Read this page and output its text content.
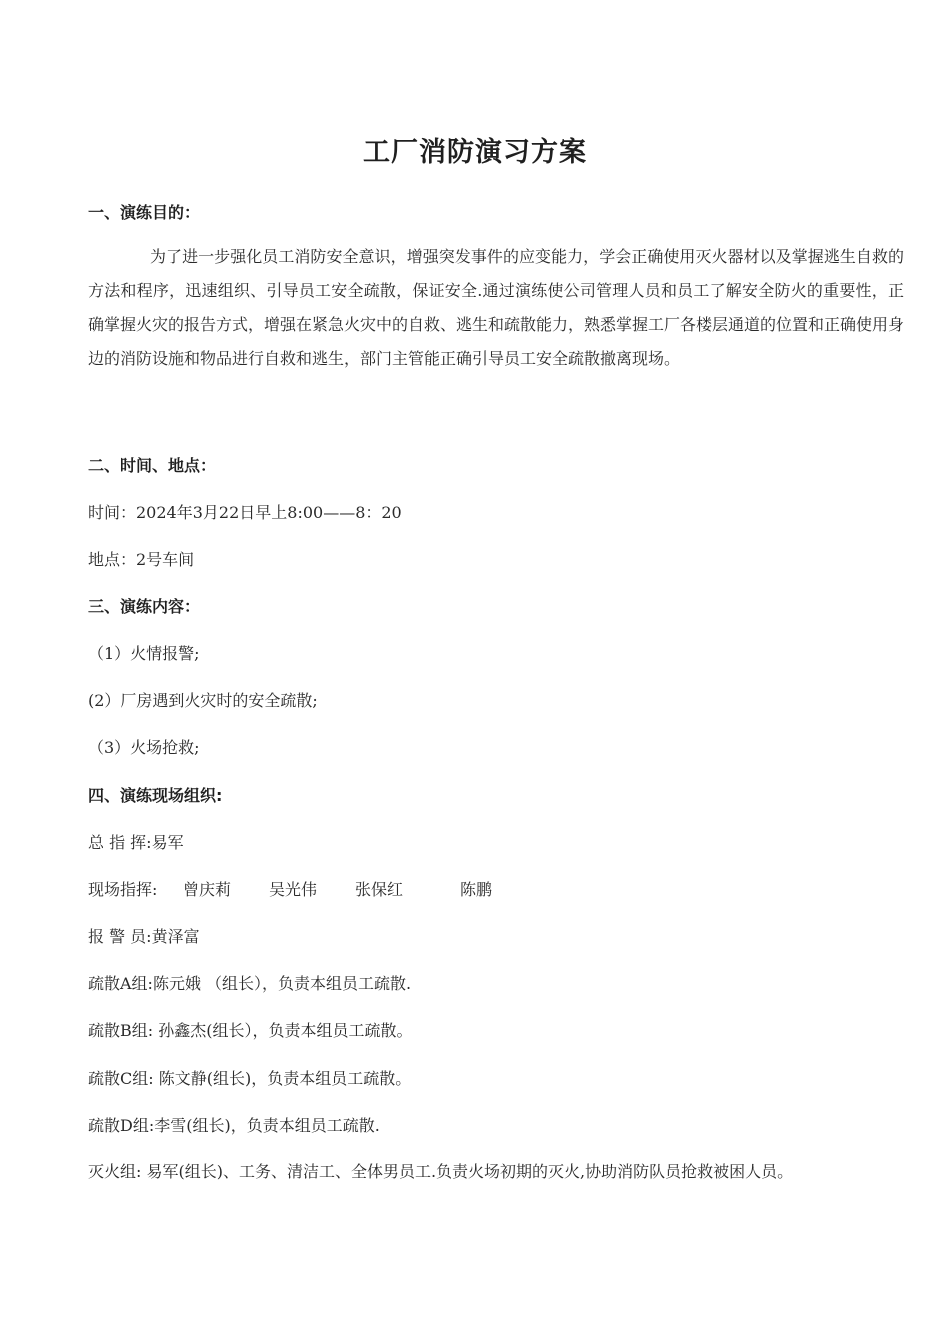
工厂消防演习方案
一、演练目的：
为了进一步强化员工消防安全意识，增强突发事件的应变能力，学会正确使用灭火器材以及掌握逃生自救的方法和程序，迅速组织、引导员工安全疏散，保证安全.通过演练使公司管理人员和员工了解安全防火的重要性，正确掌握火灾的报告方式，增强在紧急火灾中的自救、逃生和疏散能力，熟悉掌握工厂各楼层通道的位置和正确使用身边的消防设施和物品进行自救和逃生，部门主管能正确引导员工安全疏散撤离现场。
二、时间、地点：
时间：2024年3月22日早上8:00——8：20
地点：2号车间
三、演练内容：
（1）火情报警;
(2）厂房遇到火灾时的安全疏散;
（3）火场抢救;
四、演练现场组织:
总 指 挥:易军
现场指挥: 曾庆莉 吴光伟 张保红	陈鹏
报 警 员:黄泽富
疏散A组:陈元娥 （组长），负责本组员工疏散.
疏散B组: 孙鑫杰(组长），负责本组员工疏散。
疏散C组: 陈文静(组长)，负责本组员工疏散。
疏散D组:李雪(组长)，负责本组员工疏散.
灭火组: 易军(组长)、工务、清洁工、全体男员工.负责火场初期的灭火,协助消防队员抢救被困人员。
